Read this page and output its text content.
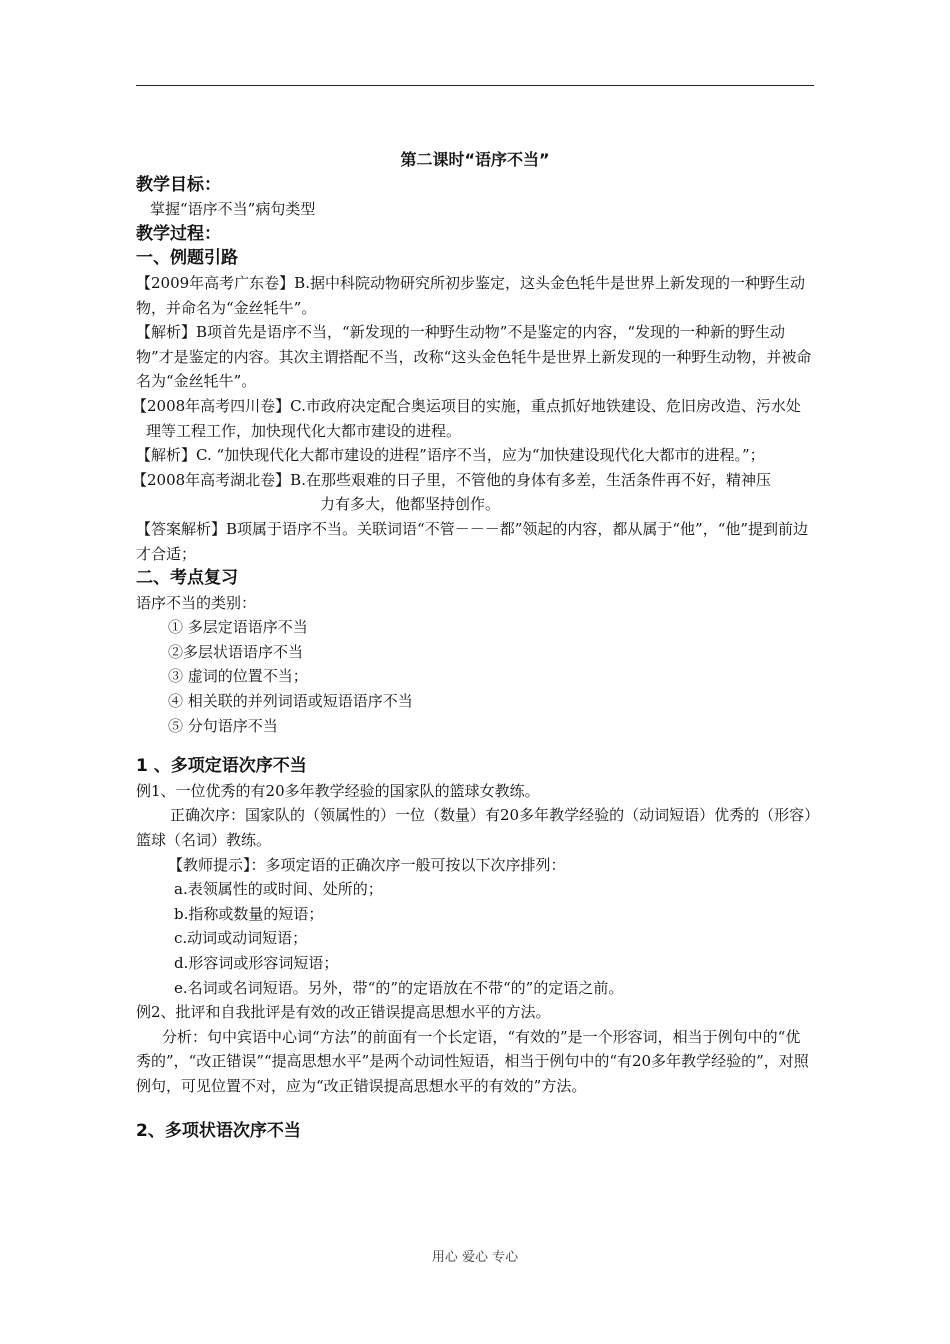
第二课时“语序不当”
教学目标：
掌握“语序不当”病句类型
教学过程：
一、例题引路
【2009年高考广东卷】B.据中科院动物研究所初步鉴定，这头金色牦牛是世界上新发现的一种野生动物，并命名为“金丝牦牛”。
【解析】B项首先是语序不当，“新发现的一种野生动物”不是鉴定的内容，“发现的一种新的野生动物”才是鉴定的内容。其次主谓搭配不当，改称“这头金色牦牛是世界上新发现的一种野生动物，并被命名为“金丝牦牛”。
【2008年高考四川卷】C.市政府决定配合奥运项目的实施，重点抓好地铁建设、危旧房改造、污水处理等工程工作，加快现代化大都市建设的进程。
【解析】C. “加快现代化大都市建设的进程”语序不当，应为“加快建设现代化大都市的进程。”；
【2008年高考湖北卷】B.在那些艰难的日子里，不管他的身体有多差，生活条件再不好，精神压
力有多大，他都坚持创作。
【答案解析】B项属于语序不当。关联词语“不管－－－都”领起的内容，都从属于“他”，“他”提到前边才合适；
二、考点复习
语序不当的类别：
① 多层定语语序不当
②多层状语语序不当
③ 虚词的位置不当；
④ 相关联的并列词语或短语语序不当
⑤ 分句语序不当
1 、多项定语次序不当
例1、一位优秀的有20多年教学经验的国家队的篮球女教练。
正确次序：国家队的（领属性的）一位（数量）有20多年教学经验的（动词短语）优秀的（形容）篮球（名词）教练。
【教师提示】：多项定语的正确次序一般可按以下次序排列：
a.表领属性的或时间、处所的；
b.指称或数量的短语；
c.动词或动词短语；
d.形容词或形容词短语；
e.名词或名词短语。另外，带“的”的定语放在不带“的”的定语之前。
例2、批评和自我批评是有效的改正错误提高思想水平的方法。
分析：句中宾语中心词“方法”的前面有一个长定语，“有效的”是一个形容词，相当于例句中的“优秀的”，“改正错误”“提高思想水平”是两个动词性短语，相当于例句中的“有20多年教学经验的”，对照例句，可见位置不对，应为“改正错误提高思想水平的有效的”方法。
2、多项状语次序不当
用心 爱心 专心
